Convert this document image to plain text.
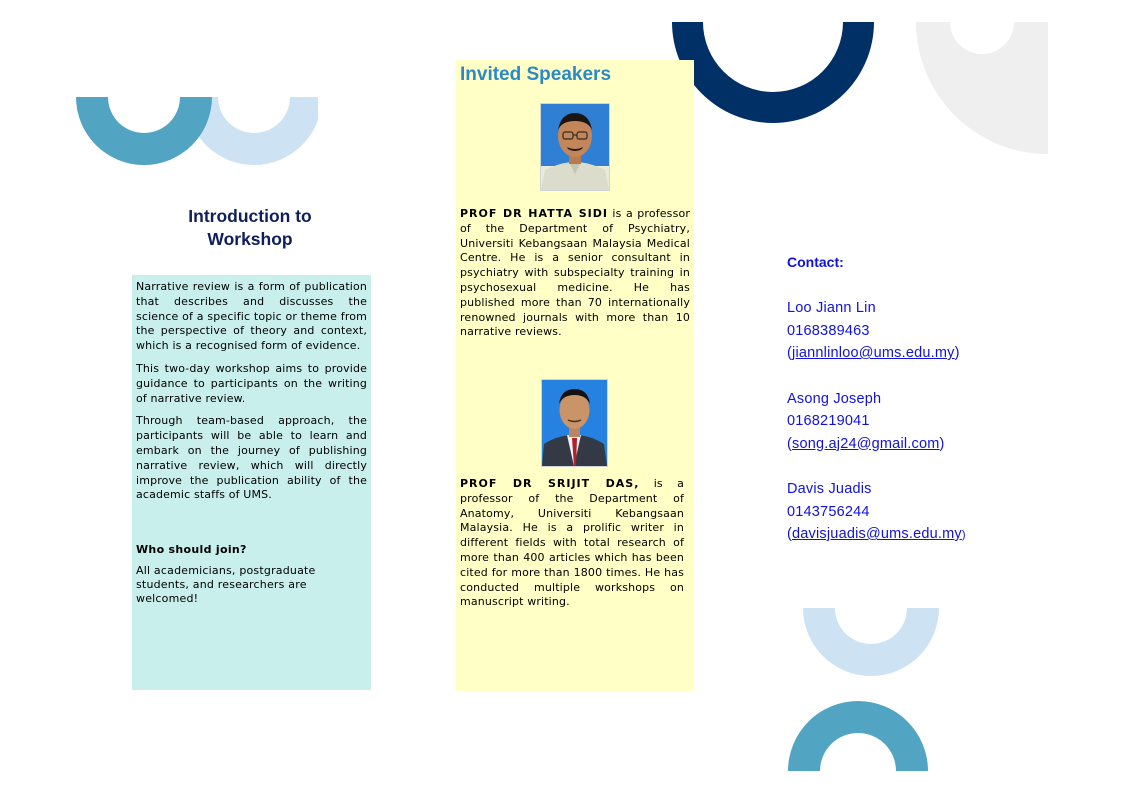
Introduction to
Workshop

Narrative review is a form of publication that describes and discusses the science of a specific topic or theme from the perspective of theory and context, which is a recognised form of evidence.

This two-day workshop aims to provide guidance to participants on the writing of narrative review.

Through team-based approach, the participants will be able to learn and embark on the journey of publishing narrative review, which will directly improve the publication ability of the academic staffs of UMS.

Who should join?

All academicians, postgraduate students, and researchers are welcomed!

Invited Speakers

PROF DR HATTA SIDI is a professor of the Department of Psychiatry, Universiti Kebangsaan Malaysia Medical Centre. He is a senior consultant in psychiatry with subspecialty training in psychosexual medicine. He has published more than 70 internationally renowned journals with more than 10 narrative reviews.

PROF DR SRIJIT DAS, is a professor of the Department of Anatomy, Universiti Kebangsaan Malaysia. He is a prolific writer in different fields with total research of more than 400 articles which has been cited for more than 1800 times. He has conducted multiple workshops on manuscript writing.

Contact:
Loo Jiann Lin
0168389463
(jiannlinloo@ums.edu.my)
Asong Joseph
0168219041
(song.aj24@gmail.com)
Davis Juadis
0143756244
(davisjuadis@ums.edu.my)
